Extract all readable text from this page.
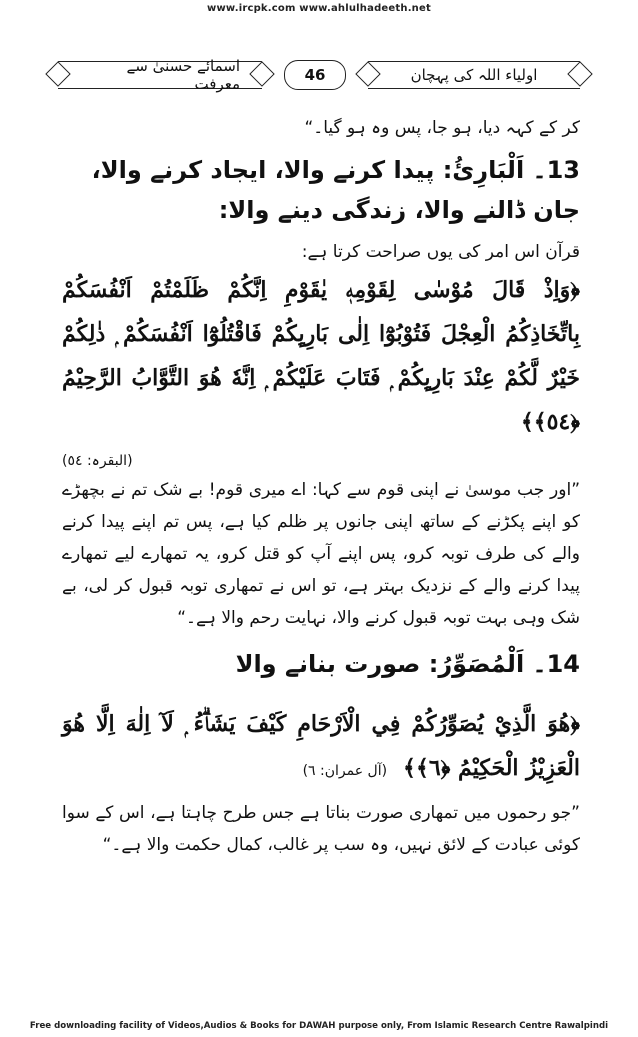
www.ircpk.com www.ahlulhadeeth.net
اولیاء اللہ کی پہچان
46
اسمائے حسنیٰ سے معرفت

کر کے کہہ دیا، ہو جا، پس وہ ہو گیا۔“

13۔ اَلْبَارِئُ: پیدا کرنے والا، ایجاد کرنے والا، جان ڈالنے والا، زندگی دینے والا:

قرآن اس امر کی یوں صراحت کرتا ہے:

﴿وَاِذْ قَالَ مُوْسٰی لِقَوْمِهٖ یٰقَوْمِ اِنَّكُمْ ظَلَمْتُمْ اَنْفُسَكُمْ بِاتِّخَاذِكُمُ الْعِجْلَ فَتُوْبُوْٓا اِلٰی بَارِىِٕكُمْ فَاقْتُلُوْٓا اَنْفُسَكُمْ ۭ ذٰلِكُمْ خَيْرٌ لَّكُمْ عِنْدَ بَارِىِٕكُمْ ۭ فَتَابَ عَلَيْكُمْ ۭ اِنَّهٗ هُوَ التَّوَّابُ الرَّحِيْمُ ﴿٥٤﴾﴾

(البقرہ: ٥٤)

”اور جب موسیٰ نے اپنی قوم سے کہا: اے میری قوم! بے شک تم نے بچھڑے کو اپنے پکڑنے کے ساتھ اپنی جانوں پر ظلم کیا ہے، پس تم اپنے پیدا کرنے والے کی طرف توبہ کرو، پس اپنے آپ کو قتل کرو، یہ تمھارے لیے تمھارے پیدا کرنے والے کے نزدیک بہتر ہے، تو اس نے تمھاری توبہ قبول کر لی، بے شک وہی بہت توبہ قبول کرنے والا، نہایت رحم والا ہے۔“

14۔ اَلْمُصَوِّرُ: صورت بنانے والا

﴿هُوَ الَّذِيْ يُصَوِّرُكُمْ فِي الْاَرْحَامِ كَيْفَ يَشَاۗءُ ۭ لَآ اِلٰهَ اِلَّا هُوَ الْعَزِيْزُ الْحَكِيْمُ ﴿٦﴾﴾(آل عمران: ٦)

”جو رحموں میں تمھاری صورت بناتا ہے جس طرح چاہتا ہے، اس کے سوا کوئی عبادت کے لائق نہیں، وہ سب پر غالب، کمال حکمت والا ہے۔“

Free downloading facility of Videos,Audios & Books for DAWAH purpose only, From Islamic Research Centre Rawalpindi
